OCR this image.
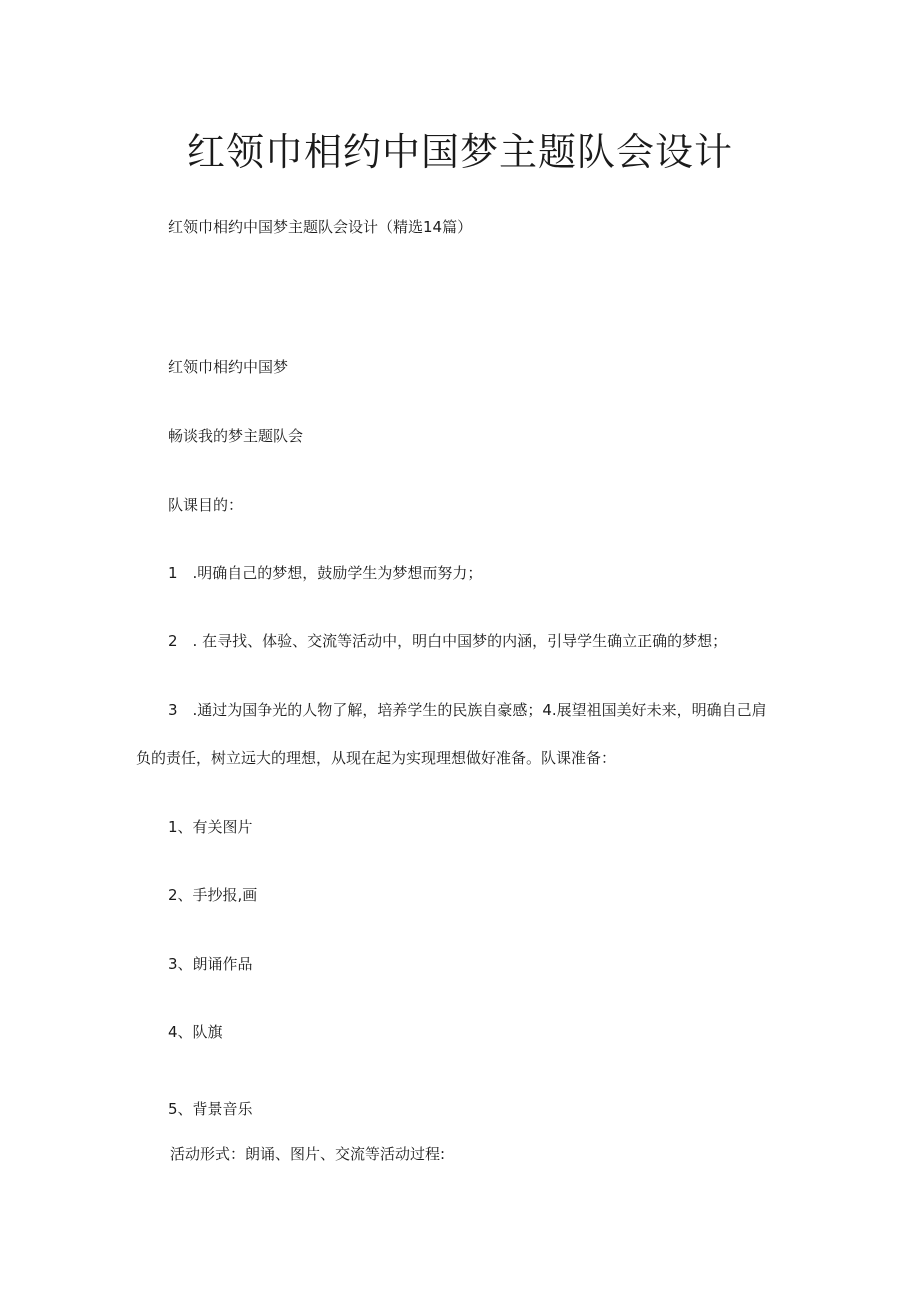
红领巾相约中国梦主题队会设计

红领巾相约中国梦主题队会设计（精选14篇）

红领巾相约中国梦

畅谈我的梦主题队会

队课目的：

1　.明确自己的梦想，鼓励学生为梦想而努力；

2　. 在寻找、体验、交流等活动中，明白中国梦的内涵，引导学生确立正确的梦想；

3　.通过为国争光的人物了解，培养学生的民族自豪感；4.展望祖国美好未来，明确自己肩
负的责任，树立远大的理想，从现在起为实现理想做好准备。队课准备：

1、有关图片

2、手抄报,画

3、朗诵作品

4、队旗

5、背景音乐

活动形式：朗诵、图片、交流等活动过程:
